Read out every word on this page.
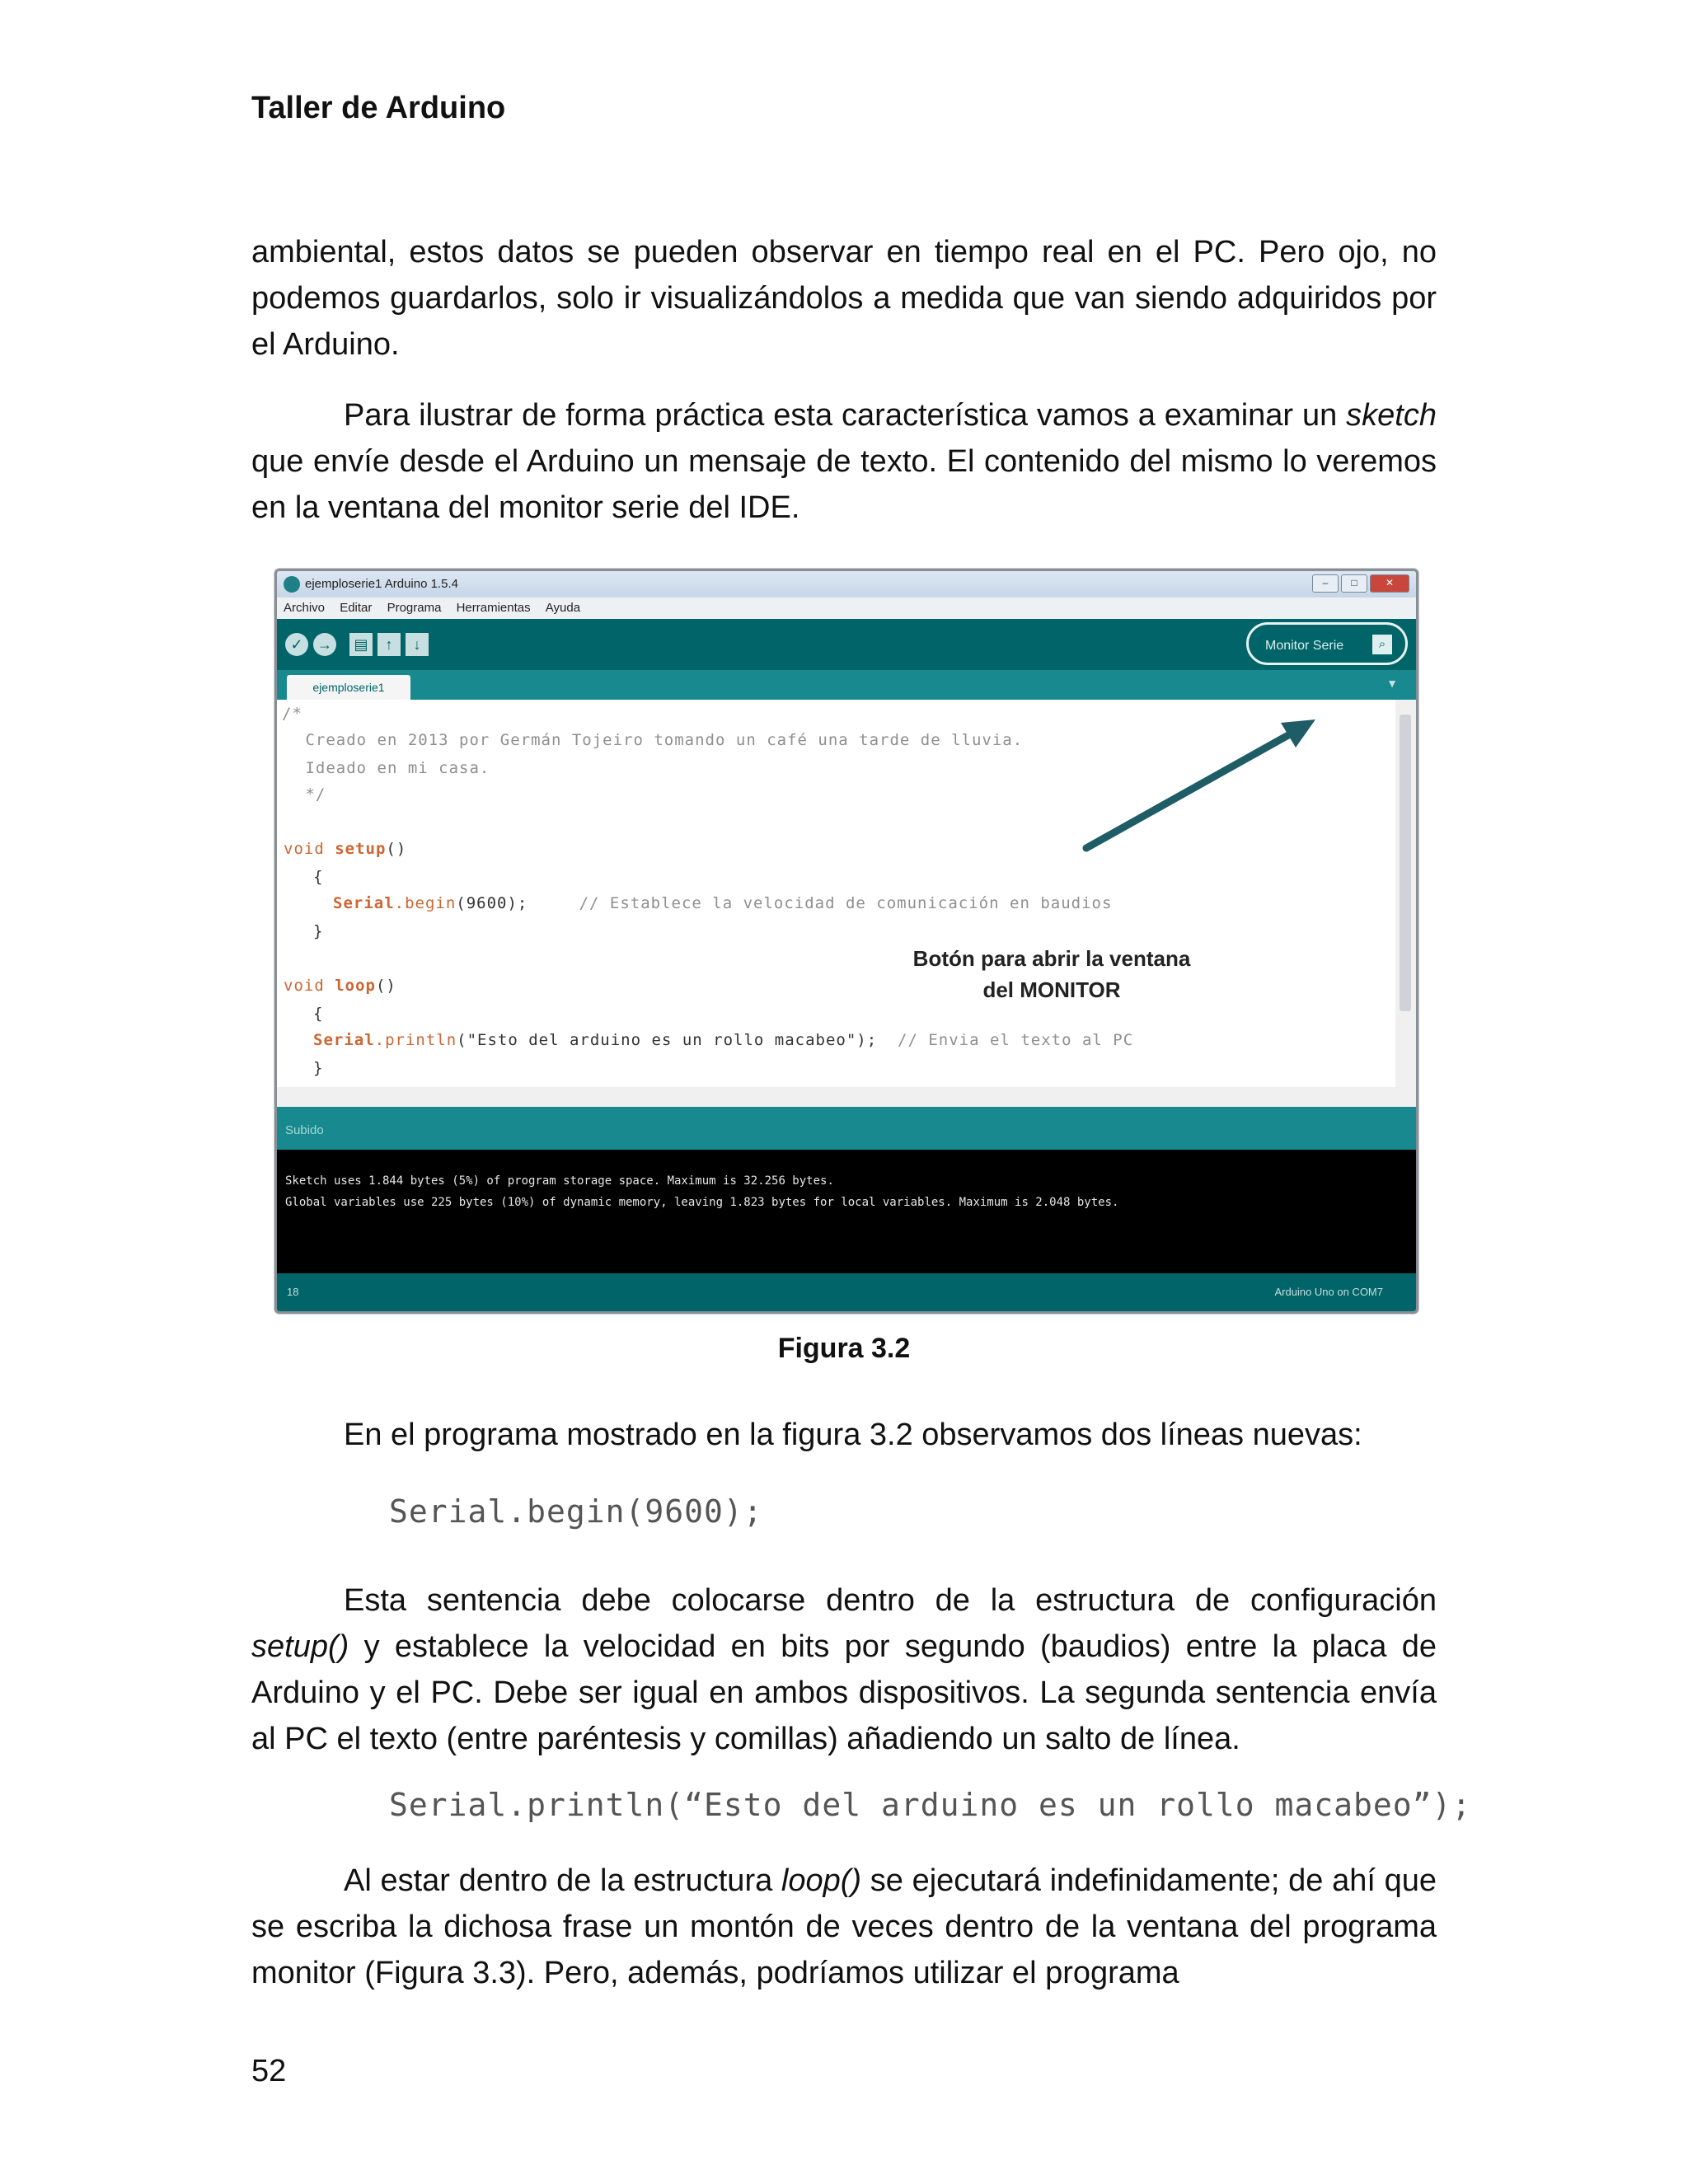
Taller de Arduino
ambiental, estos datos se pueden observar en tiempo real en el PC. Pero ojo, no podemos guardarlos, solo ir visualizándolos a medida que van siendo adquiridos por el Arduino.
Para ilustrar de forma práctica esta característica vamos a examinar un sketch que envíe desde el Arduino un mensaje de texto. El contenido del mismo lo veremos en la ventana del monitor serie del IDE.
ejemploserie1 Arduino 1.5.4	–	□	✕
Archivo Editar Programa Herramientas Ayuda
✓ →	▤	↑	↓	Monitor Serie	⌕
ejemploserie1	▼
/*
Creado en 2013 por Germán Tojeiro tomando un café una tarde de lluvia.
Ideado en mi casa.
*/
void setup()
{
Serial.begin(9600);	// Establece la velocidad de comunicación en baudios
}
void loop()
{
Serial.println("Esto del arduino es un rollo macabeo"); // Envia el texto al PC
}
Botón para abrir la ventana
del MONITOR
Subido
Sketch uses 1.844 bytes (5%) of program storage space. Maximum is 32.256 bytes.
Global variables use 225 bytes (10%) of dynamic memory, leaving 1.823 bytes for local variables. Maximum is 2.048 bytes.
18	Arduino Uno on COM7
Figura 3.2
En el programa mostrado en la figura 3.2 observamos dos líneas nuevas:
Serial.begin(9600);
Esta sentencia debe colocarse dentro de la estructura de configuración setup() y establece la velocidad en bits por segundo (baudios) entre la placa de Arduino y el PC. Debe ser igual en ambos dispositivos. La segunda sentencia envía al PC el texto (entre paréntesis y comillas) añadiendo un salto de línea.
Serial.println(“Esto del arduino es un rollo macabeo”);
Al estar dentro de la estructura loop() se ejecutará indefinidamente; de ahí que se escriba la dichosa frase un montón de veces dentro de la ventana del programa monitor (Figura 3.3). Pero, además, podríamos utilizar el programa
52
